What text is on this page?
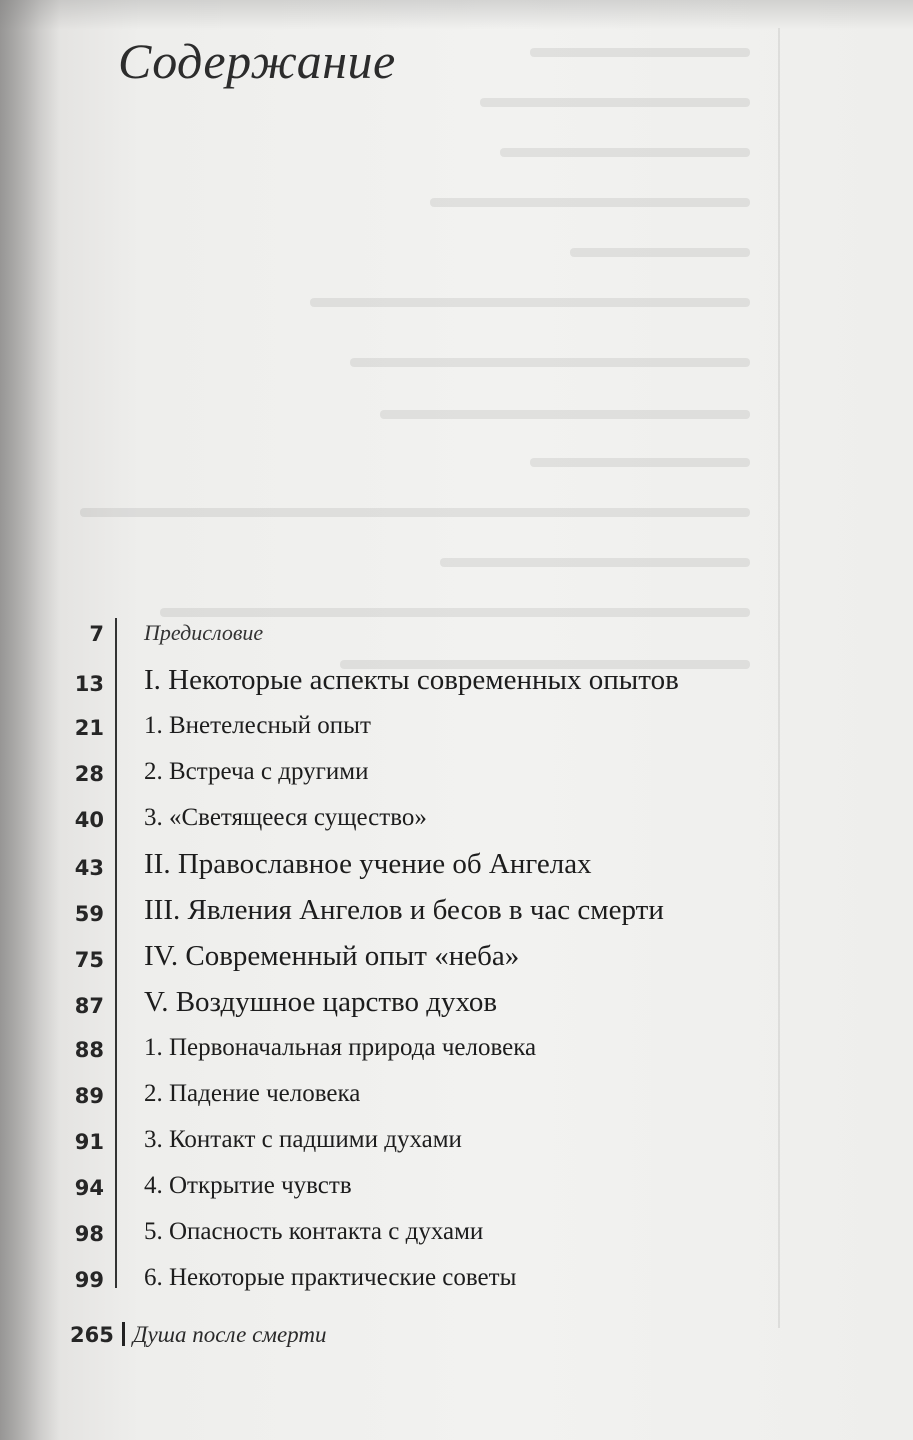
Содержание
7 Предисловие
13 I. Некоторые аспекты современных опытов
21 1. Внетелесный опыт
28 2. Встреча с другими
40 3. «Светящееся существо»
43 II. Православное учение об Ангелах
59 III. Явления Ангелов и бесов в час смерти
75 IV. Современный опыт «неба»
87 V. Воздушное царство духов
88 1. Первоначальная природа человека
89 2. Падение человека
91 3. Контакт с падшими духами
94 4. Открытие чувств
98 5. Опасность контакта с духами
99 6. Некоторые практические советы
265 Душа после смерти
